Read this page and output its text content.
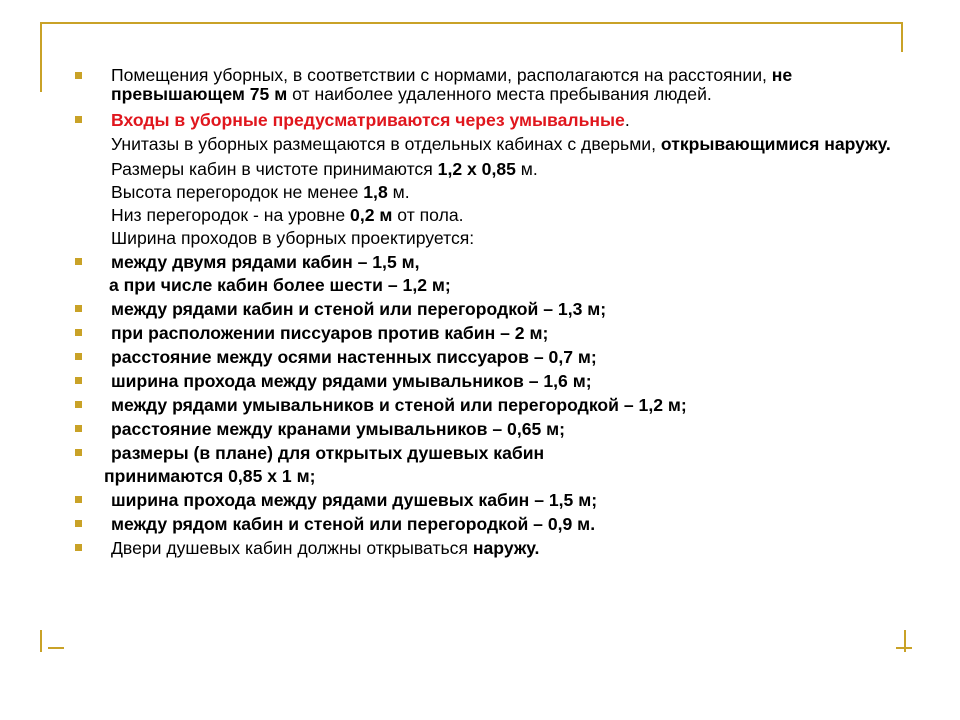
Помещения уборных, в соответствии с нормами, располагаются на расстоянии, не превышающем 75 м от наиболее удаленного места пребывания людей.
Входы в уборные предусматриваются через умывальные.
Унитазы в уборных размещаются в отдельных кабинах с дверьми, открывающимися наружу.
Размеры кабин в чистоте принимаются 1,2 х 0,85 м.
Высота перегородок не менее 1,8 м.
Низ перегородок - на уровне 0,2 м от пола.
Ширина проходов в уборных проектируется:
между двумя рядами кабин – 1,5 м,
а при числе кабин более шести – 1,2 м;
между рядами кабин и стеной или перегородкой – 1,3 м;
при расположении писсуаров против кабин – 2 м;
расстояние между осями настенных писсуаров – 0,7 м;
ширина прохода между рядами умывальников – 1,6 м;
между рядами умывальников и стеной или перегородкой – 1,2 м;
расстояние между кранами умывальников – 0,65 м;
размеры (в плане) для открытых душевых кабин
принимаются 0,85 х 1 м;
ширина прохода между рядами душевых кабин – 1,5 м;
между рядом кабин и стеной или перегородкой – 0,9 м.
Двери душевых кабин должны открываться наружу.
